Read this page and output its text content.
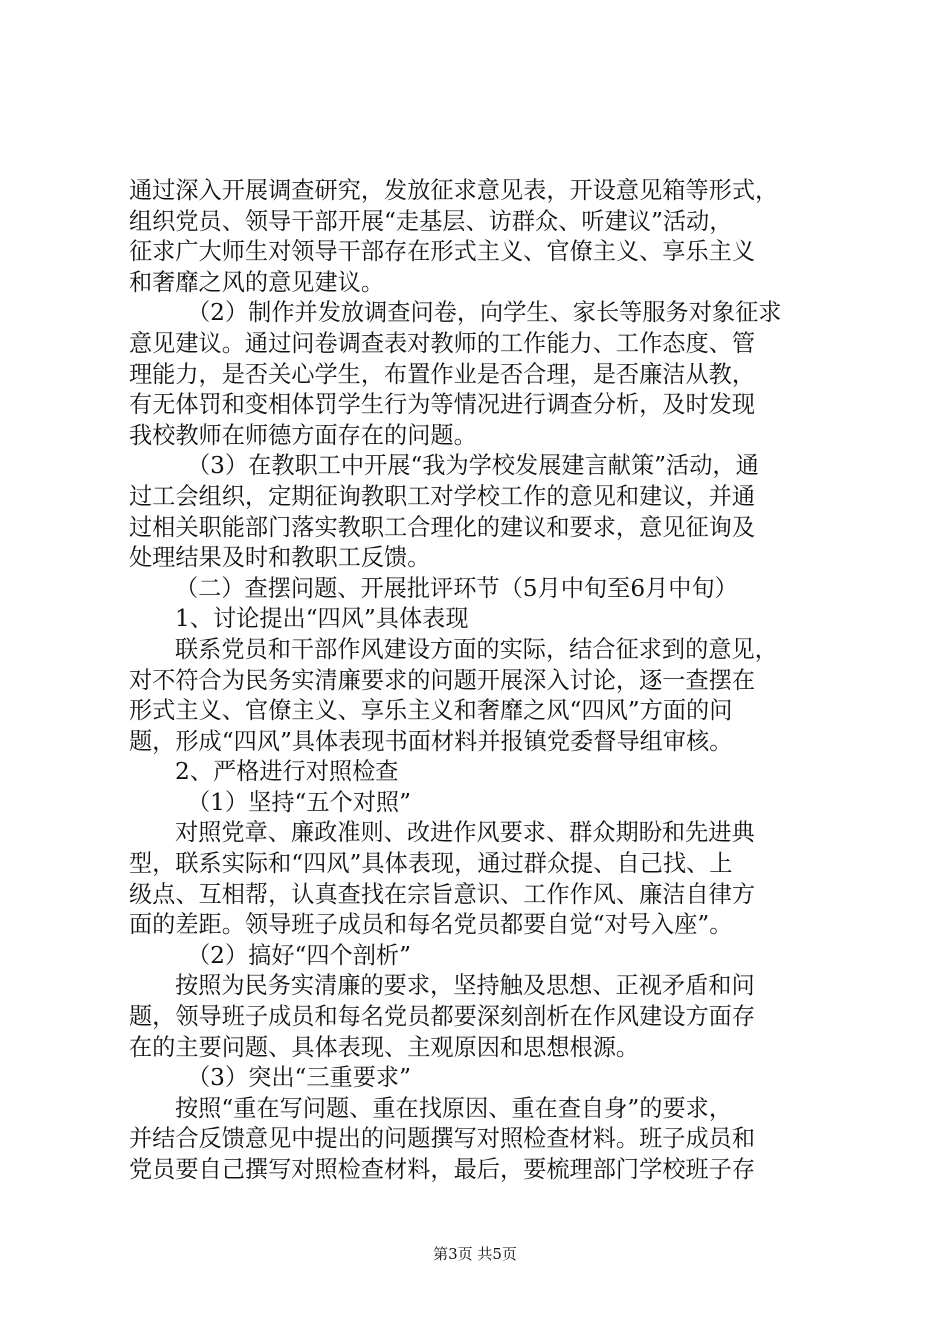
通过深入开展调查研究，发放征求意见表，开设意见箱等形式，
组织党员、领导干部开展“走基层、访群众、听建议”活动，
征求广大师生对领导干部存在形式主义、官僚主义、享乐主义
和奢靡之风的意见建议。
（2）制作并发放调查问卷，向学生、家长等服务对象征求
意见建议。通过问卷调查表对教师的工作能力、工作态度、管
理能力，是否关心学生，布置作业是否合理，是否廉洁从教，
有无体罚和变相体罚学生行为等情况进行调查分析，及时发现
我校教师在师德方面存在的问题。
（3）在教职工中开展“我为学校发展建言献策”活动，通
过工会组织，定期征询教职工对学校工作的意见和建议，并通
过相关职能部门落实教职工合理化的建议和要求，意见征询及
处理结果及时和教职工反馈。
（二）查摆问题、开展批评环节（5月中旬至6月中旬）
1、讨论提出“四风”具体表现
联系党员和干部作风建设方面的实际，结合征求到的意见，
对不符合为民务实清廉要求的问题开展深入讨论，逐一查摆在
形式主义、官僚主义、享乐主义和奢靡之风“四风”方面的问
题，形成“四风”具体表现书面材料并报镇党委督导组审核。
2、严格进行对照检查
（1）坚持“五个对照”
对照党章、廉政准则、改进作风要求、群众期盼和先进典
型，联系实际和“四风”具体表现，通过群众提、自己找、上
级点、互相帮，认真查找在宗旨意识、工作作风、廉洁自律方
面的差距。领导班子成员和每名党员都要自觉“对号入座”。
（2）搞好“四个剖析”
按照为民务实清廉的要求，坚持触及思想、正视矛盾和问
题，领导班子成员和每名党员都要深刻剖析在作风建设方面存
在的主要问题、具体表现、主观原因和思想根源。
（3）突出“三重要求”
按照“重在写问题、重在找原因、重在查自身”的要求，
并结合反馈意见中提出的问题撰写对照检查材料。班子成员和
党员要自己撰写对照检查材料，最后，要梳理部门学校班子存
第3页 共5页
